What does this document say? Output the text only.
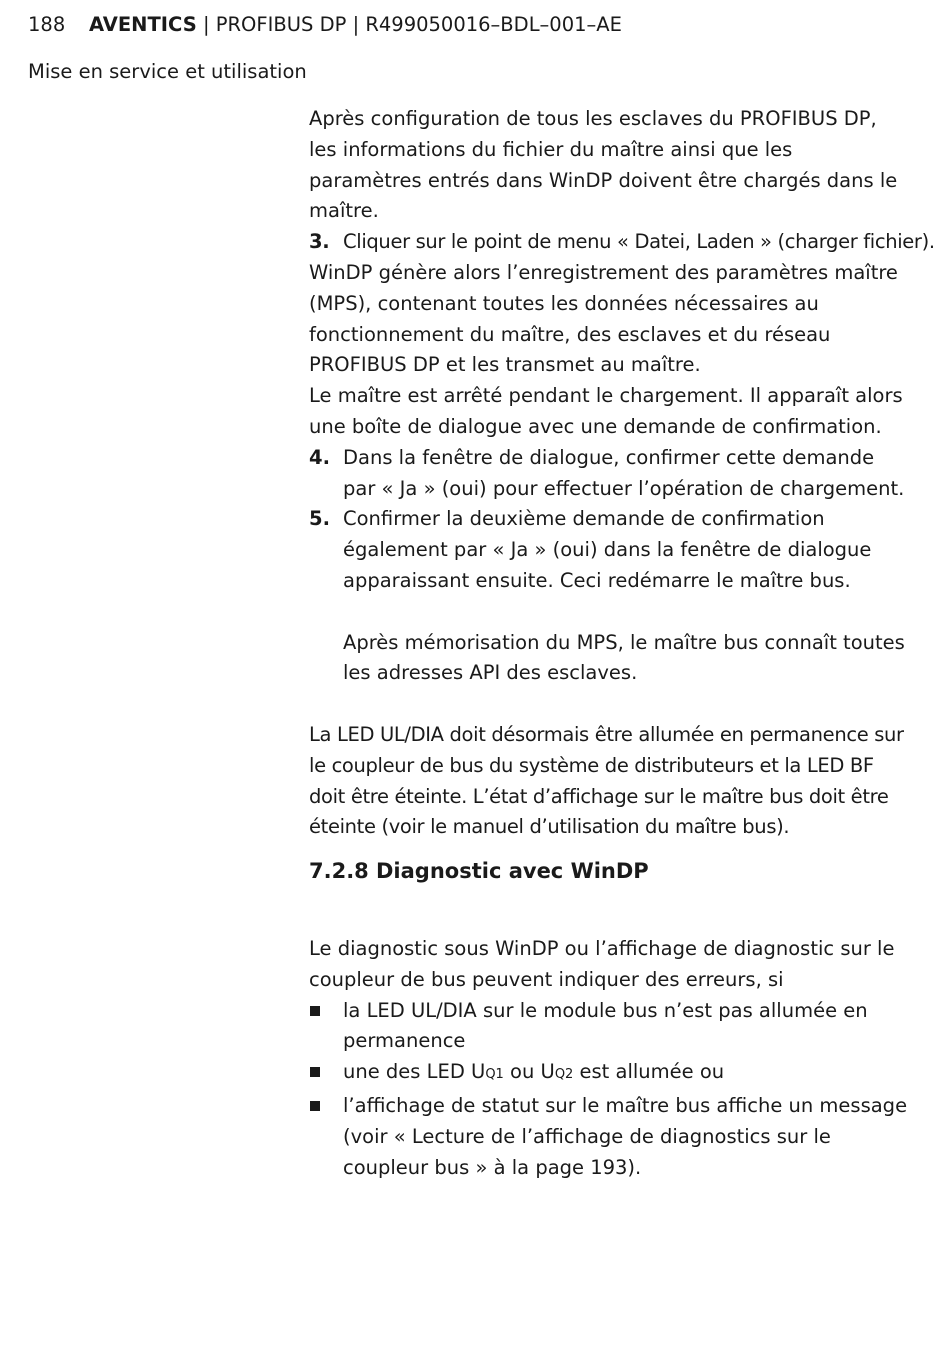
188 AVENTICS | PROFIBUS DP | R499050016–BDL–001–AE
Mise en service et utilisation

Après configuration de tous les esclaves du PROFIBUS DP, les informations du fichier du maître ainsi que les paramètres entrés dans WinDP doivent être chargés dans le maître.

3. Cliquer sur le point de menu « Datei, Laden » (charger fichier).

WinDP génère alors l’enregistrement des paramètres maître (MPS), contenant toutes les données nécessaires au fonctionnement du maître, des esclaves et du réseau PROFIBUS DP et les transmet au maître.

Le maître est arrêté pendant le chargement. Il apparaît alors une boîte de dialogue avec une demande de confirmation.

4. Dans la fenêtre de dialogue, confirmer cette demande par « Ja » (oui) pour effectuer l’opération de chargement.
5. Confirmer la deuxième demande de confirmation également par « Ja » (oui) dans la fenêtre de dialogue apparaissant ensuite. Ceci redémarre le maître bus.

Après mémorisation du MPS, le maître bus connaît toutes les adresses API des esclaves.

La LED UL/DIA doit désormais être allumée en permanence sur le coupleur de bus du système de distributeurs et la LED BF doit être éteinte. L’état d’affichage sur le maître bus doit être éteinte (voir le manuel d’utilisation du maître bus).

7.2.8 Diagnostic avec WinDP

Le diagnostic sous WinDP ou l’affichage de diagnostic sur le coupleur de bus peuvent indiquer des erreurs, si

la LED UL/DIA sur le module bus n’est pas allumée en permanence
une des LED UQ1 ou UQ2 est allumée ou
l’affichage de statut sur le maître bus affiche un message (voir « Lecture de l’affichage de diagnostics sur le coupleur bus » à la page 193).
